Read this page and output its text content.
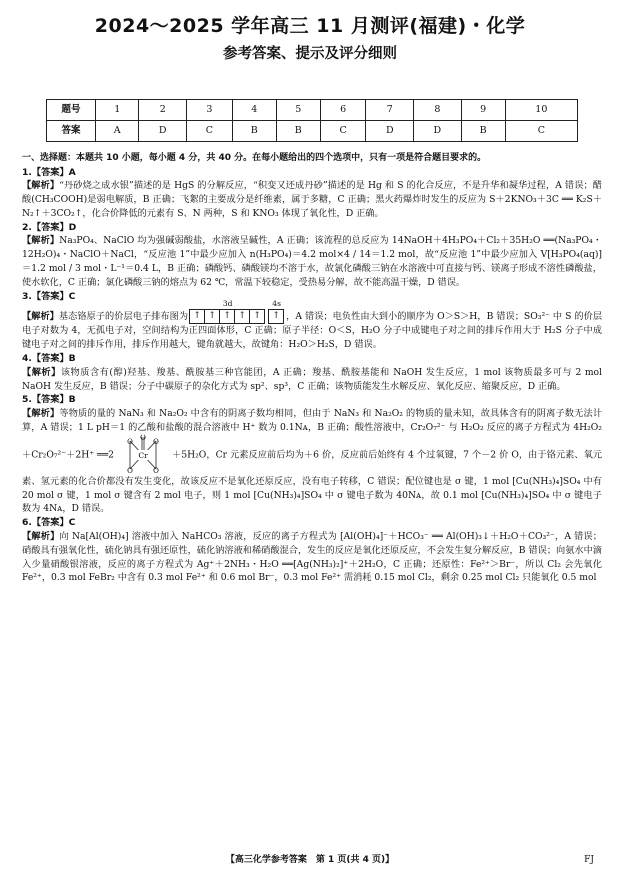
2024～2025 学年高三 11 月测评(福建)・化学
参考答案、提示及评分细则
题号	1	2	3	4	5	6	7	8	9	10
答案	A	D	C	B	B	C	D	D	B	C

一、选择题：本题共 10 小题，每小题 4 分，共 40 分。在每小题给出的四个选项中，只有一项是符合题目要求的。

1.【答案】A

【解析】“丹砂烧之成水银”描述的是 HgS 的分解反应，“积变又还成丹砂”描述的是 Hg 和 S 的化合反应，不是升华和凝华过程，A 错误；醋酸(CH₃COOH)是弱电解质，B 正确；飞絮的主要成分是纤维素，属于多糖，C 正确；黑火药爆炸时发生的反应为 S＋2KNO₃＋3C ══ K₂S＋N₂↑＋3CO₂↑，化合价降低的元素有 S、N 两种，S 和 KNO₃ 体现了氧化性，D 正确。

2.【答案】D

【解析】Na₃PO₄、NaClO 均为强碱弱酸盐，水溶液呈碱性，A 正确；该流程的总反应为 14NaOH＋4H₃PO₄＋Cl₂＋35H₂O ══(Na₃PO₄・12H₂O)₄・NaClO＋NaCl，“反应池 1”中最少应加入 n(H₃PO₄)＝4.2 mol×4 / 14＝1.2 mol，故“反应池 1”中最少应加入 V[H₃PO₄(aq)]＝1.2 mol / 3 mol・L⁻¹＝0.4 L，B 正确；磷酸钙、磷酸镁均不溶于水，故氯化磷酸三钠在水溶液中可直接与钙、镁离子形成不溶性磷酸盐，使水软化，C 正确；氯化磷酸三钠的熔点为 62 ℃，常温下较稳定，受热易分解，故不能高温干燥，D 错误。

3.【答案】C

【解析】基态铬原子的价层电子排布图为
3d
↑ ↑ ↑ ↑ ↑
4s
↑ ，A 错误；电负性由大到小的顺序为 O＞S＞H，B 错误；SO₃²⁻ 中 S 的价层电子对数为 4，无孤电子对，空间结构为正四面体形，C 正确；原子半径：O＜S，H₂O 分子中成键电子对之间的排斥作用大于 H₂S 分子中成键电子对之间的排斥作用，排斥作用越大，键角就越大，故键角：H₂O＞H₂S，D 错误。

4.【答案】B

【解析】该物质含有(醇)羟基、羧基、酰胺基三种官能团，A 正确；羧基、酰胺基能和 NaOH 发生反应，1 mol 该物质最多可与 2 mol NaOH 发生反应，B 错误；分子中碳原子的杂化方式为 sp²、sp³，C 正确；该物质能发生水解反应、氧化反应、缩聚反应，D 正确。

5.【答案】B

【解析】等物质的量的 NaN₃ 和 Na₂O₂ 中含有的阴离子数均相同，但由于 NaN₃ 和 Na₂O₂ 的物质的量未知，故具体含有的阴离子数无法计算，A 错误；1 L pH＝1 的乙酸和盐酸的混合溶液中 H⁺ 数为 0.1Nᴀ，B 正确；酸性溶液中，Cr₂O₇²⁻ 与 H₂O₂ 反应的离子方程式为 4H₂O₂＋Cr₂O₇²⁻＋2H⁺ ══2	Cr
O	O
O	O
O
＋5H₂O，Cr 元素反应前后均为＋6 价，反应前后始终有 4 个过氧键，7 个－2 价 O，由于铬元素、氧元素、氢元素的化合价都没有发生变化，故该反应不是氧化还原反应，没有电子转移，C 错误；配位键也是 σ 键，1 mol [Cu(NH₃)₄]SO₄ 中有 20 mol σ 键，1 mol σ 键含有 2 mol 电子，则 1 mol [Cu(NH₃)₄]SO₄ 中 σ 键电子数为 40Nᴀ，故 0.1 mol [Cu(NH₃)₄]SO₄ 中 σ 键电子数为 4Nᴀ，D 错误。

6.【答案】C

【解析】向 Na[Al(OH)₄] 溶液中加入 NaHCO₃ 溶液，反应的离子方程式为 [Al(OH)₄]⁻＋HCO₃⁻ ══ Al(OH)₃↓＋H₂O＋CO₃²⁻，A 错误；硝酸具有强氧化性，硫化钠具有强还原性，硫化钠溶液和稀硝酸混合，发生的反应是氧化还原反应，不会发生复分解反应，B 错误；向氨水中滴入少量硝酸银溶液，反应的离子方程式为 Ag⁺＋2NH₃・H₂O ══[Ag(NH₃)₂]⁺＋2H₂O，C 正确；还原性：Fe²⁺＞Br⁻，所以 Cl₂ 会先氧化 Fe²⁺，0.3 mol FeBr₂ 中含有 0.3 mol Fe²⁺ 和 0.6 mol Br⁻，0.3 mol Fe²⁺ 需消耗 0.15 mol Cl₂，剩余 0.25 mol Cl₂ 只能氧化 0.5 mol

【高三化学参考答案　第 1 页(共 4 页)】	FJ
